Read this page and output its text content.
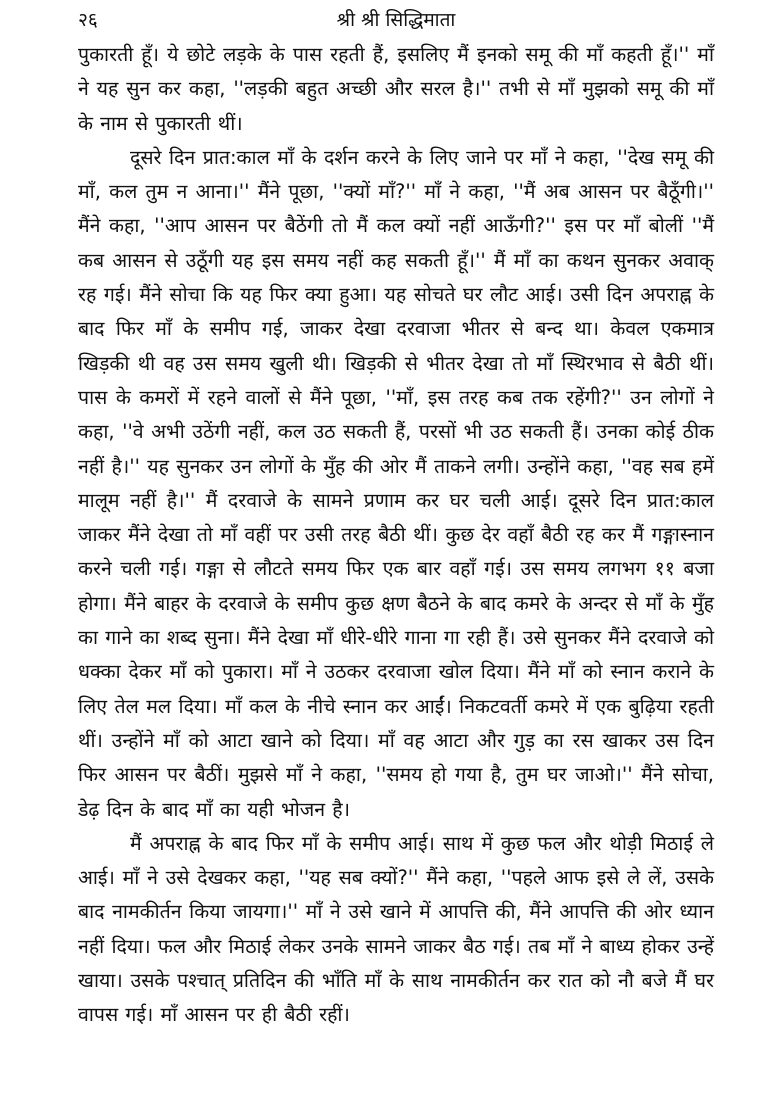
२६	श्री श्री सिद्धिमाता

पुकारती हूँ। ये छोटे लड़के के पास रहती हैं, इसलिए मैं इनको समू की माँ कहती हूँ।'' माँ ने यह सुन कर कहा, ''लड़की बहुत अच्छी और सरल है।'' तभी से माँ मुझको समू की माँ के नाम से पुकारती थीं।

दूसरे दिन प्रात:काल माँ के दर्शन करने के लिए जाने पर माँ ने कहा, ''देख समू की माँ, कल तुम न आना।'' मैंने पूछा, ''क्यों माँ?'' माँ ने कहा, ''मैं अब आसन पर बैठूँगी।'' मैंने कहा, ''आप आसन पर बैठेंगी तो मैं कल क्यों नहीं आऊँगी?'' इस पर माँ बोलीं ''मैं कब आसन से उठूँगी यह इस समय नहीं कह सकती हूँ।'' मैं माँ का कथन सुनकर अवाक् रह गई। मैंने सोचा कि यह फिर क्या हुआ। यह सोचते घर लौट आई। उसी दिन अपराह्न के बाद फिर माँ के समीप गई, जाकर देखा दरवाजा भीतर से बन्द था। केवल एकमात्र खिड़की थी वह उस समय खुली थी। खिड़की से भीतर देखा तो माँ स्थिरभाव से बैठी थीं। पास के कमरों में रहने वालों से मैंने पूछा, ''माँ, इस तरह कब तक रहेंगी?'' उन लोगों ने कहा, ''वे अभी उठेंगी नहीं, कल उठ सकती हैं, परसों भी उठ सकती हैं। उनका कोई ठीक नहीं है।'' यह सुनकर उन लोगों के मुँह की ओर मैं ताकने लगी। उन्होंने कहा, ''वह सब हमें मालूम नहीं है।'' मैं दरवाजे के सामने प्रणाम कर घर चली आई। दूसरे दिन प्रात:काल जाकर मैंने देखा तो माँ वहीं पर उसी तरह बैठी थीं। कुछ देर वहाँ बैठी रह कर मैं गङ्गास्नान करने चली गई। गङ्गा से लौटते समय फिर एक बार वहाँ गई। उस समय लगभग ११ बजा होगा। मैंने बाहर के दरवाजे के समीप कुछ क्षण बैठने के बाद कमरे के अन्दर से माँ के मुँह का गाने का शब्द सुना। मैंने देखा माँ धीरे-धीरे गाना गा रही हैं। उसे सुनकर मैंने दरवाजे को धक्का देकर माँ को पुकारा। माँ ने उठकर दरवाजा खोल दिया। मैंने माँ को स्नान कराने के लिए तेल मल दिया। माँ कल के नीचे स्नान कर आईं। निकटवर्ती कमरे में एक बुढ़िया रहती थीं। उन्होंने माँ को आटा खाने को दिया। माँ वह आटा और गुड़ का रस खाकर उस दिन फिर आसन पर बैठीं। मुझसे माँ ने कहा, ''समय हो गया है, तुम घर जाओ।'' मैंने सोचा, डेढ़ दिन के बाद माँ का यही भोजन है।

मैं अपराह्न के बाद फिर माँ के समीप आई। साथ में कुछ फल और थोड़ी मिठाई ले आई। माँ ने उसे देखकर कहा, ''यह सब क्यों?'' मैंने कहा, ''पहले आफ इसे ले लें, उसके बाद नामकीर्तन किया जायगा।'' माँ ने उसे खाने में आपत्ति की, मैंने आपत्ति की ओर ध्यान नहीं दिया। फल और मिठाई लेकर उनके सामने जाकर बैठ गई। तब माँ ने बाध्य होकर उन्हें खाया। उसके पश्चात् प्रतिदिन की भाँति माँ के साथ नामकीर्तन कर रात को नौ बजे मैं घर वापस गई। माँ आसन पर ही बैठी रहीं।
